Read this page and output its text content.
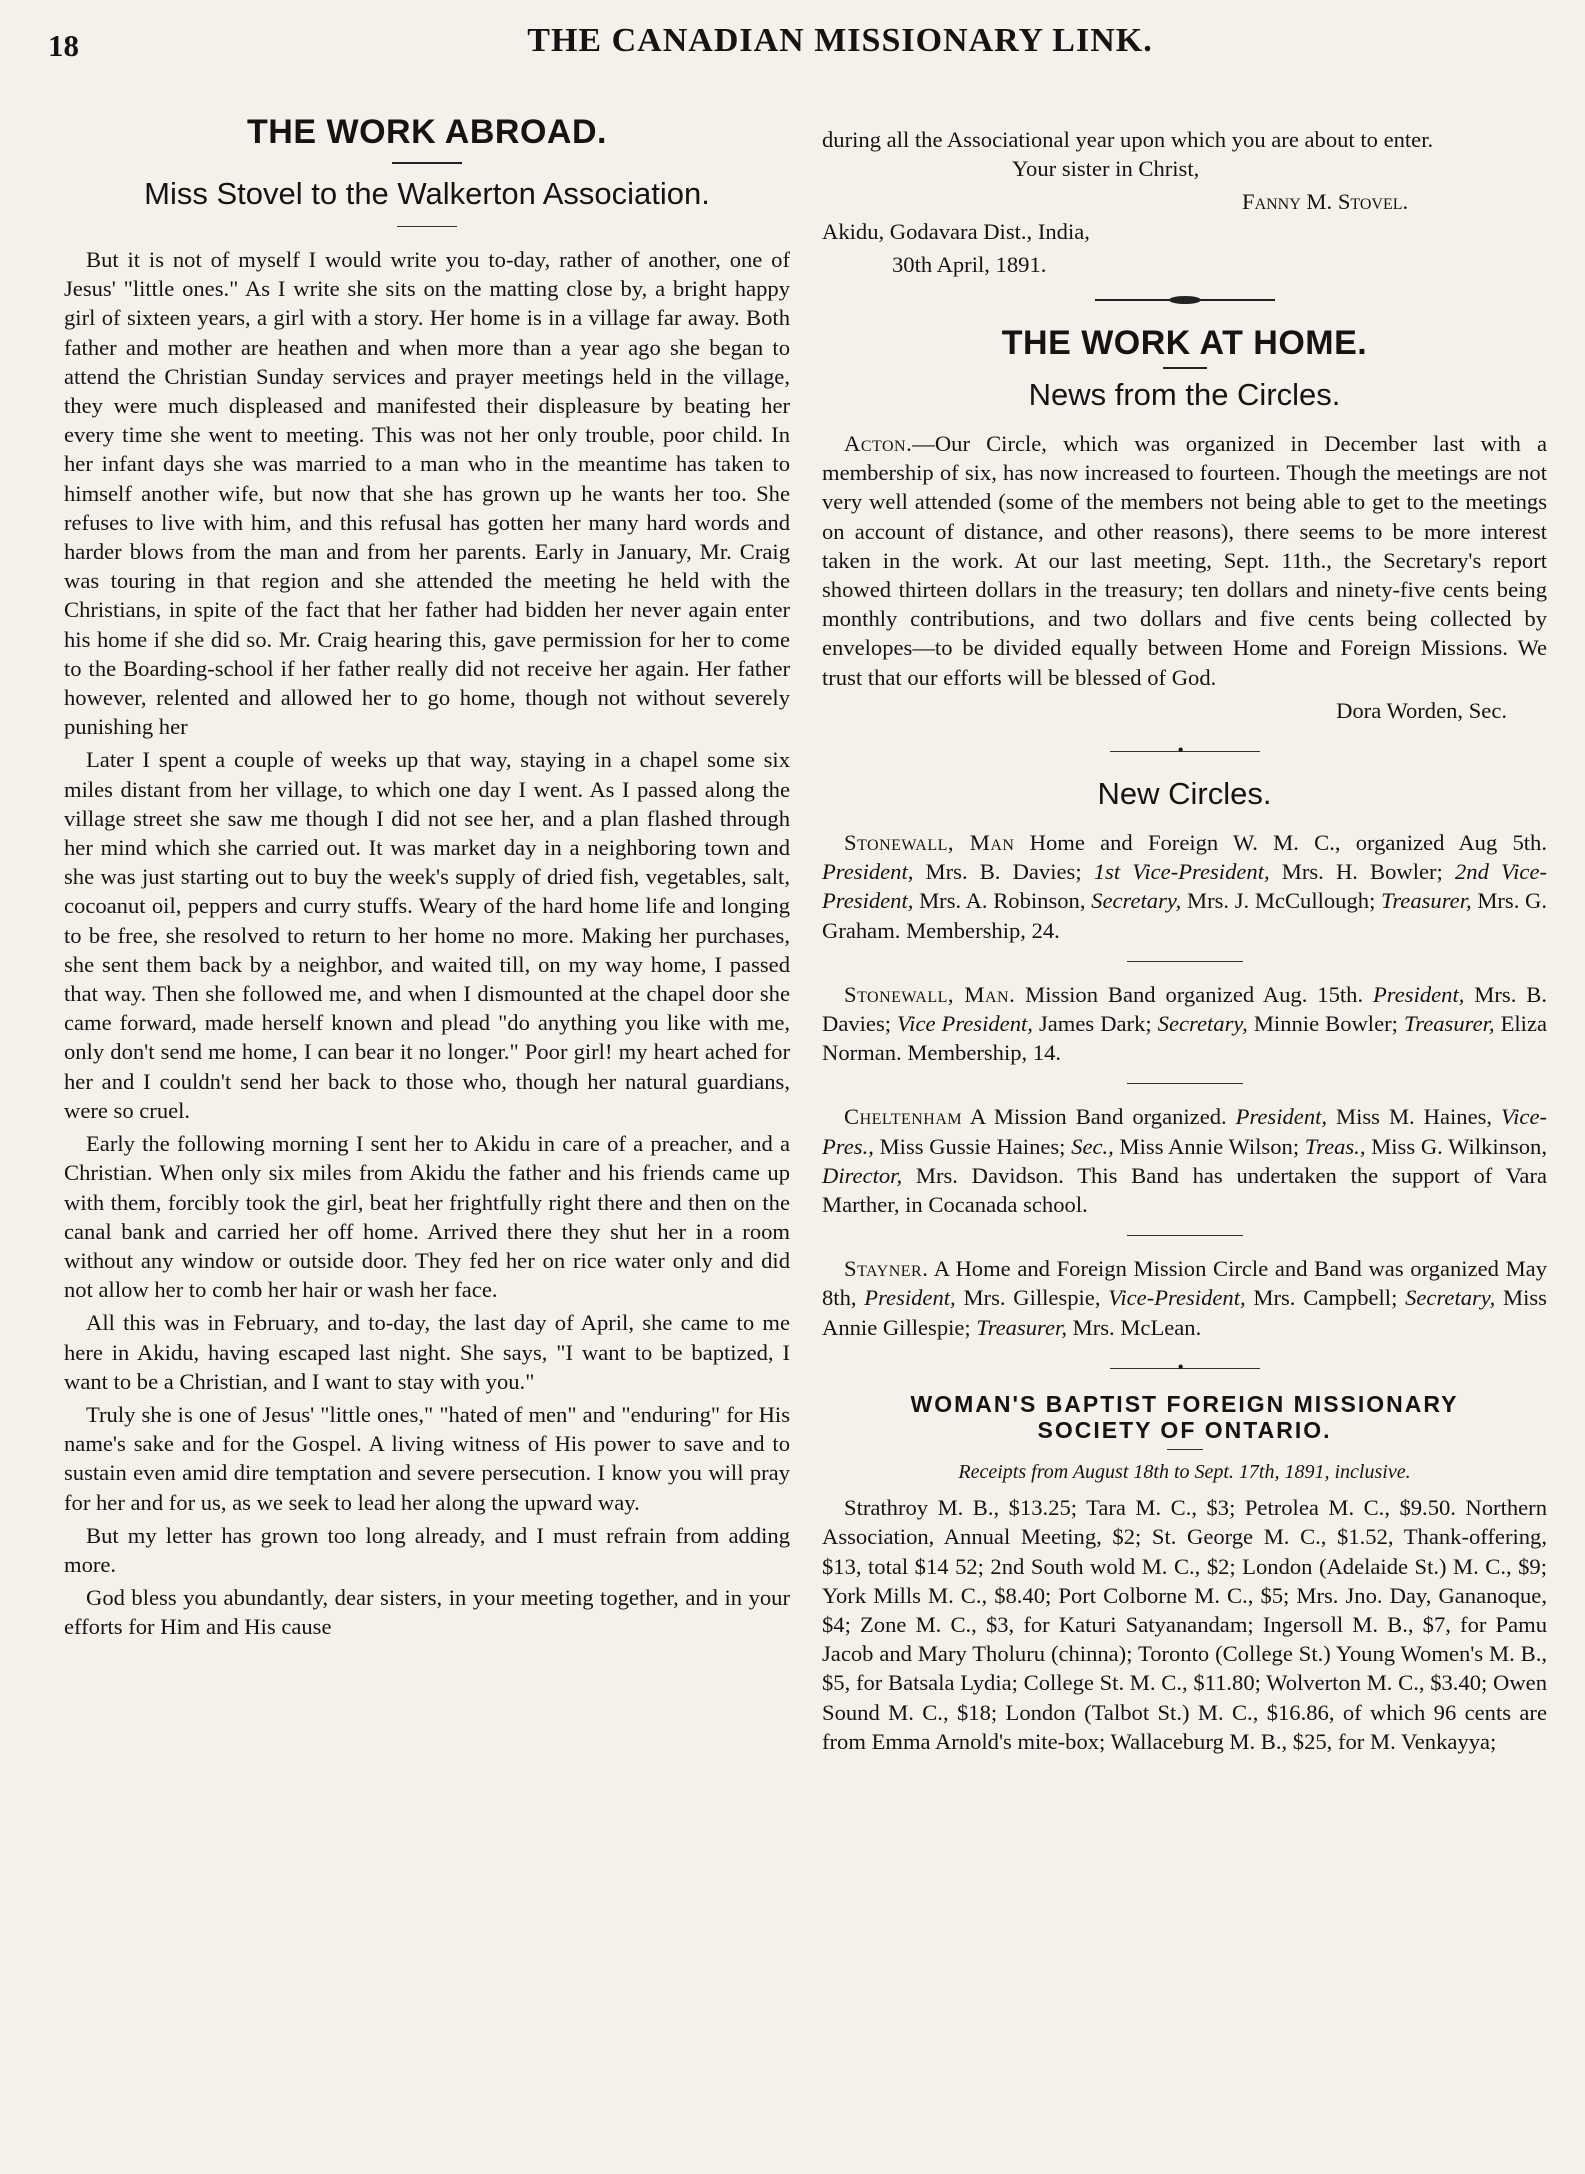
18	THE CANADIAN MISSIONARY LINK.
THE WORK ABROAD.
Miss Stovel to the Walkerton Association.

But it is not of myself I would write you to-day, rather of another, one of Jesus' "little ones." As I write she sits on the matting close by, a bright happy girl of sixteen years, a girl with a story. Her home is in a village far away. Both father and mother are heathen and when more than a year ago she began to attend the Christian Sunday services and prayer meetings held in the village, they were much displeased and manifested their displeasure by beating her every time she went to meeting. This was not her only trouble, poor child. In her infant days she was married to a man who in the meantime has taken to himself another wife, but now that she has grown up he wants her too. She refuses to live with him, and this refusal has gotten her many hard words and harder blows from the man and from her parents. Early in January, Mr. Craig was touring in that region and she attended the meeting he held with the Christians, in spite of the fact that her father had bidden her never again enter his home if she did so. Mr. Craig hearing this, gave permission for her to come to the Boarding-school if her father really did not receive her again. Her father however, relented and allowed her to go home, though not without severely punishing her

Later I spent a couple of weeks up that way, staying in a chapel some six miles distant from her village, to which one day I went. As I passed along the village street she saw me though I did not see her, and a plan flashed through her mind which she carried out. It was market day in a neighboring town and she was just starting out to buy the week's supply of dried fish, vegetables, salt, cocoanut oil, peppers and curry stuffs. Weary of the hard home life and longing to be free, she resolved to return to her home no more. Making her purchases, she sent them back by a neighbor, and waited till, on my way home, I passed that way. Then she followed me, and when I dismounted at the chapel door she came forward, made herself known and plead "do anything you like with me, only don't send me home, I can bear it no longer." Poor girl! my heart ached for her and I couldn't send her back to those who, though her natural guardians, were so cruel.

Early the following morning I sent her to Akidu in care of a preacher, and a Christian. When only six miles from Akidu the father and his friends came up with them, forcibly took the girl, beat her frightfully right there and then on the canal bank and carried her off home. Arrived there they shut her in a room without any window or outside door. They fed her on rice water only and did not allow her to comb her hair or wash her face.

All this was in February, and to-day, the last day of April, she came to me here in Akidu, having escaped last night. She says, "I want to be baptized, I want to be a Christian, and I want to stay with you."

Truly she is one of Jesus' "little ones," "hated of men" and "enduring" for His name's sake and for the Gospel. A living witness of His power to save and to sustain even amid dire temptation and severe persecution. I know you will pray for her and for us, as we seek to lead her along the upward way.

But my letter has grown too long already, and I must refrain from adding more.

God bless you abundantly, dear sisters, in your meeting together, and in your efforts for Him and His cause

during all the Associational year upon which you are about to enter.

Your sister in Christ,

Fanny M. Stovel.

Akidu, Godavara Dist., India,

30th April, 1891.

THE WORK AT HOME.
News from the Circles.

Acton.—Our Circle, which was organized in December last with a membership of six, has now increased to fourteen. Though the meetings are not very well attended (some of the members not being able to get to the meetings on account of distance, and other reasons), there seems to be more interest taken in the work. At our last meeting, Sept. 11th., the Secretary's report showed thirteen dollars in the treasury; ten dollars and ninety-five cents being monthly contributions, and two dollars and five cents being collected by envelopes—to be divided equally between Home and Foreign Missions. We trust that our efforts will be blessed of God.

Dora Worden, Sec.

•
New Circles.

Stonewall, Man Home and Foreign W. M. C., organized Aug 5th. President, Mrs. B. Davies; 1st Vice-President, Mrs. H. Bowler; 2nd Vice-President, Mrs. A. Robinson, Secretary, Mrs. J. McCullough; Treasurer, Mrs. G. Graham. Membership, 24.

Stonewall, Man. Mission Band organized Aug. 15th. President, Mrs. B. Davies; Vice President, James Dark; Secretary, Minnie Bowler; Treasurer, Eliza Norman. Membership, 14.

Cheltenham A Mission Band organized. President, Miss M. Haines, Vice-Pres., Miss Gussie Haines; Sec., Miss Annie Wilson; Treas., Miss G. Wilkinson, Director, Mrs. Davidson. This Band has undertaken the support of Vara Marther, in Cocanada school.

Stayner. A Home and Foreign Mission Circle and Band was organized May 8th, President, Mrs. Gillespie, Vice-President, Mrs. Campbell; Secretary, Miss Annie Gillespie; Treasurer, Mrs. McLean.

•
WOMAN'S BAPTIST FOREIGN MISSIONARY
SOCIETY OF ONTARIO.

Receipts from August 18th to Sept. 17th, 1891, inclusive.

Strathroy M. B., $13.25; Tara M. C., $3; Petrolea M. C., $9.50. Northern Association, Annual Meeting, $2; St. George M. C., $1.52, Thank-offering, $13, total $14 52; 2nd South wold M. C., $2; London (Adelaide St.) M. C., $9; York Mills M. C., $8.40; Port Colborne M. C., $5; Mrs. Jno. Day, Gananoque, $4; Zone M. C., $3, for Katuri Satyanandam; Ingersoll M. B., $7, for Pamu Jacob and Mary Tholuru (chinna); Toronto (College St.) Young Women's M. B., $5, for Batsala Lydia; College St. M. C., $11.80; Wolverton M. C., $3.40; Owen Sound M. C., $18; London (Talbot St.) M. C., $16.86, of which 96 cents are from Emma Arnold's mite-box; Wallaceburg M. B., $25, for M. Venkayya;
